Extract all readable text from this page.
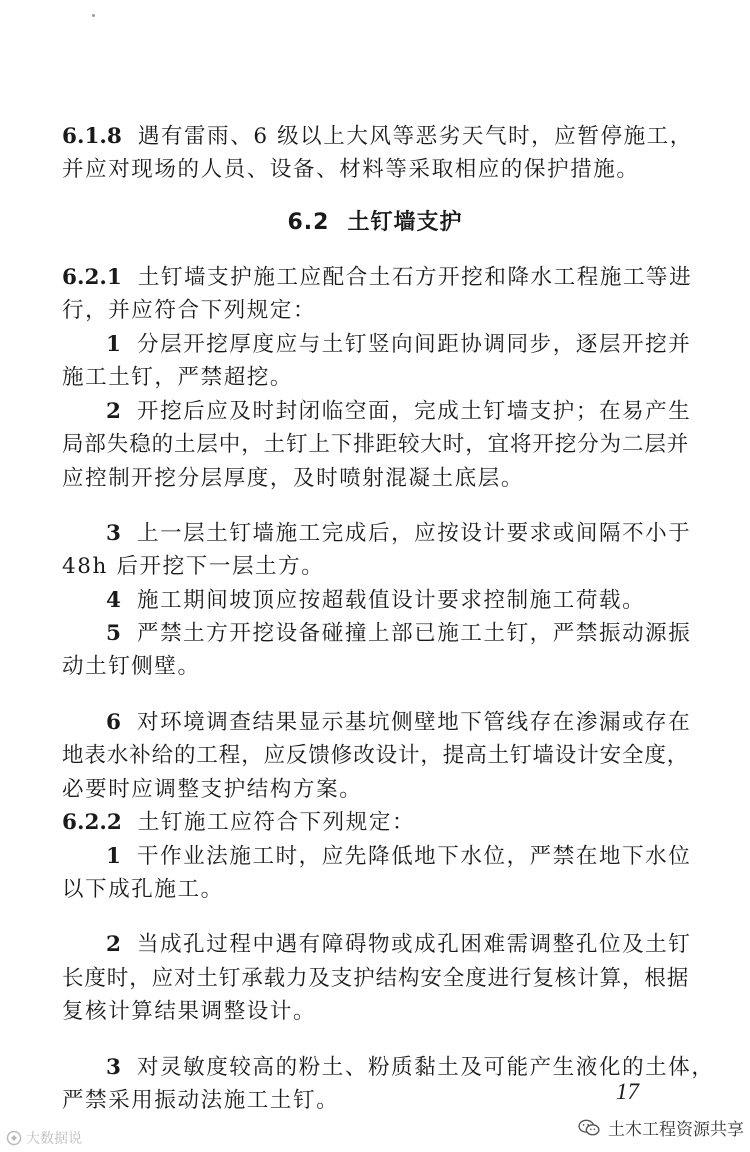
6.1.8 遇有雷雨、6 级以上大风等恶劣天气时，应暂停施工，
并应对现场的人员、设备、材料等采取相应的保护措施。
6.2 土钉墙支护
6.2.1 土钉墙支护施工应配合土石方开挖和降水工程施工等进
行，并应符合下列规定：
1 分层开挖厚度应与土钉竖向间距协调同步，逐层开挖并
施工土钉，严禁超挖。
2 开挖后应及时封闭临空面，完成土钉墙支护；在易产生
局部失稳的土层中，土钉上下排距较大时，宜将开挖分为二层并
应控制开挖分层厚度，及时喷射混凝土底层。
3 上一层土钉墙施工完成后，应按设计要求或间隔不小于
48h 后开挖下一层土方。
4 施工期间坡顶应按超载值设计要求控制施工荷载。
5 严禁土方开挖设备碰撞上部已施工土钉，严禁振动源振
动土钉侧壁。
6 对环境调查结果显示基坑侧壁地下管线存在渗漏或存在
地表水补给的工程，应反馈修改设计，提高土钉墙设计安全度，
必要时应调整支护结构方案。
6.2.2 土钉施工应符合下列规定：
1 干作业法施工时，应先降低地下水位，严禁在地下水位
以下成孔施工。
2 当成孔过程中遇有障碍物或成孔困难需调整孔位及土钉
长度时，应对土钉承载力及支护结构安全度进行复核计算，根据
复核计算结果调整设计。
3 对灵敏度较高的粉土、粉质黏土及可能产生液化的土体，
严禁采用振动法施工土钉。	17
土木工程资源共享
大数据说
